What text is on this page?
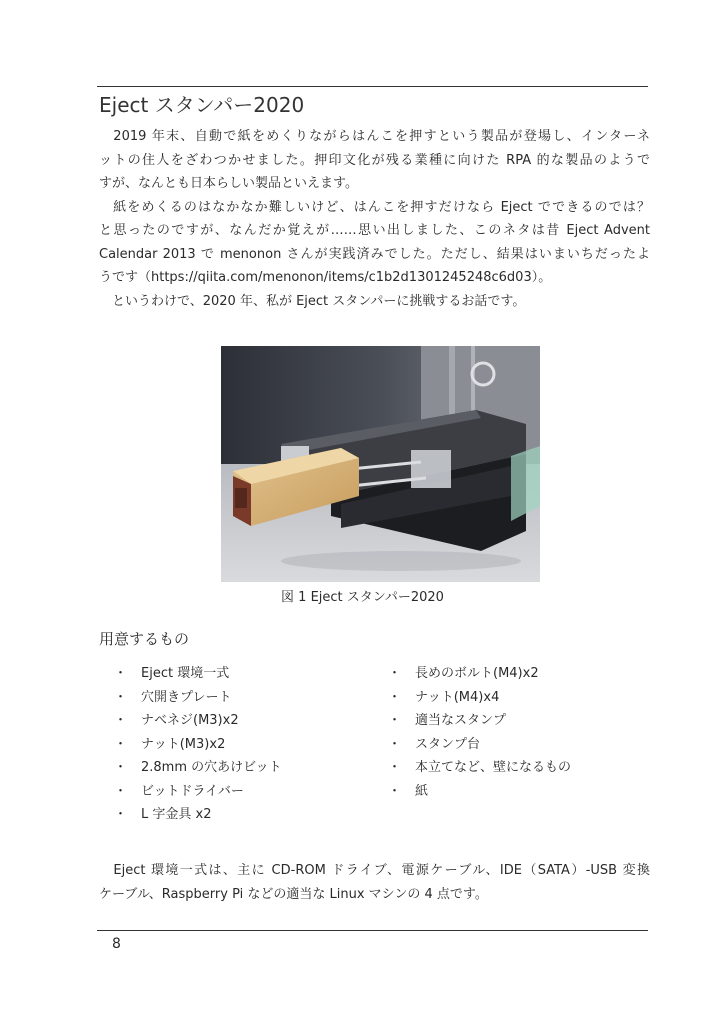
Eject スタンパー2020
　2019 年末、自動で紙をめくりながらはんこを押すという製品が登場し、インターネ
ットの住人をざわつかせました。押印文化が残る業種に向けた RPA 的な製品のようで
すが、なんとも日本らしい製品といえます。
　紙をめくるのはなかなか難しいけど、はんこを押すだけなら Eject でできるのでは？
と思ったのですが、なんだか覚えが……思い出しました、このネタは昔 Eject Advent
Calendar 2013 で menonon さんが実践済みでした。ただし、結果はいまいちだったよ
うです（https://qiita.com/menonon/items/c1b2d1301245248c6d03）。
　というわけで、2020 年、私が Eject スタンパーに挑戦するお話です。
図 1 Eject スタンパー2020
用意するもの
・ Eject 環境一式
・ 穴開きプレート
・ ナベネジ(M3)x2
・ ナット(M3)x2
・ 2.8mm の穴あけビット
・ ビットドライバー
・ L 字金具 x2
・ 長めのボルト(M4)x2
・ ナット(M4)x4
・ 適当なスタンプ
・ スタンプ台
・ 本立てなど、壁になるもの
・ 紙
　Eject 環境一式は、主に CD-ROM ドライブ、電源ケーブル、IDE（SATA）-USB 変換
ケーブル、Raspberry Pi などの適当な Linux マシンの 4 点です。
8
